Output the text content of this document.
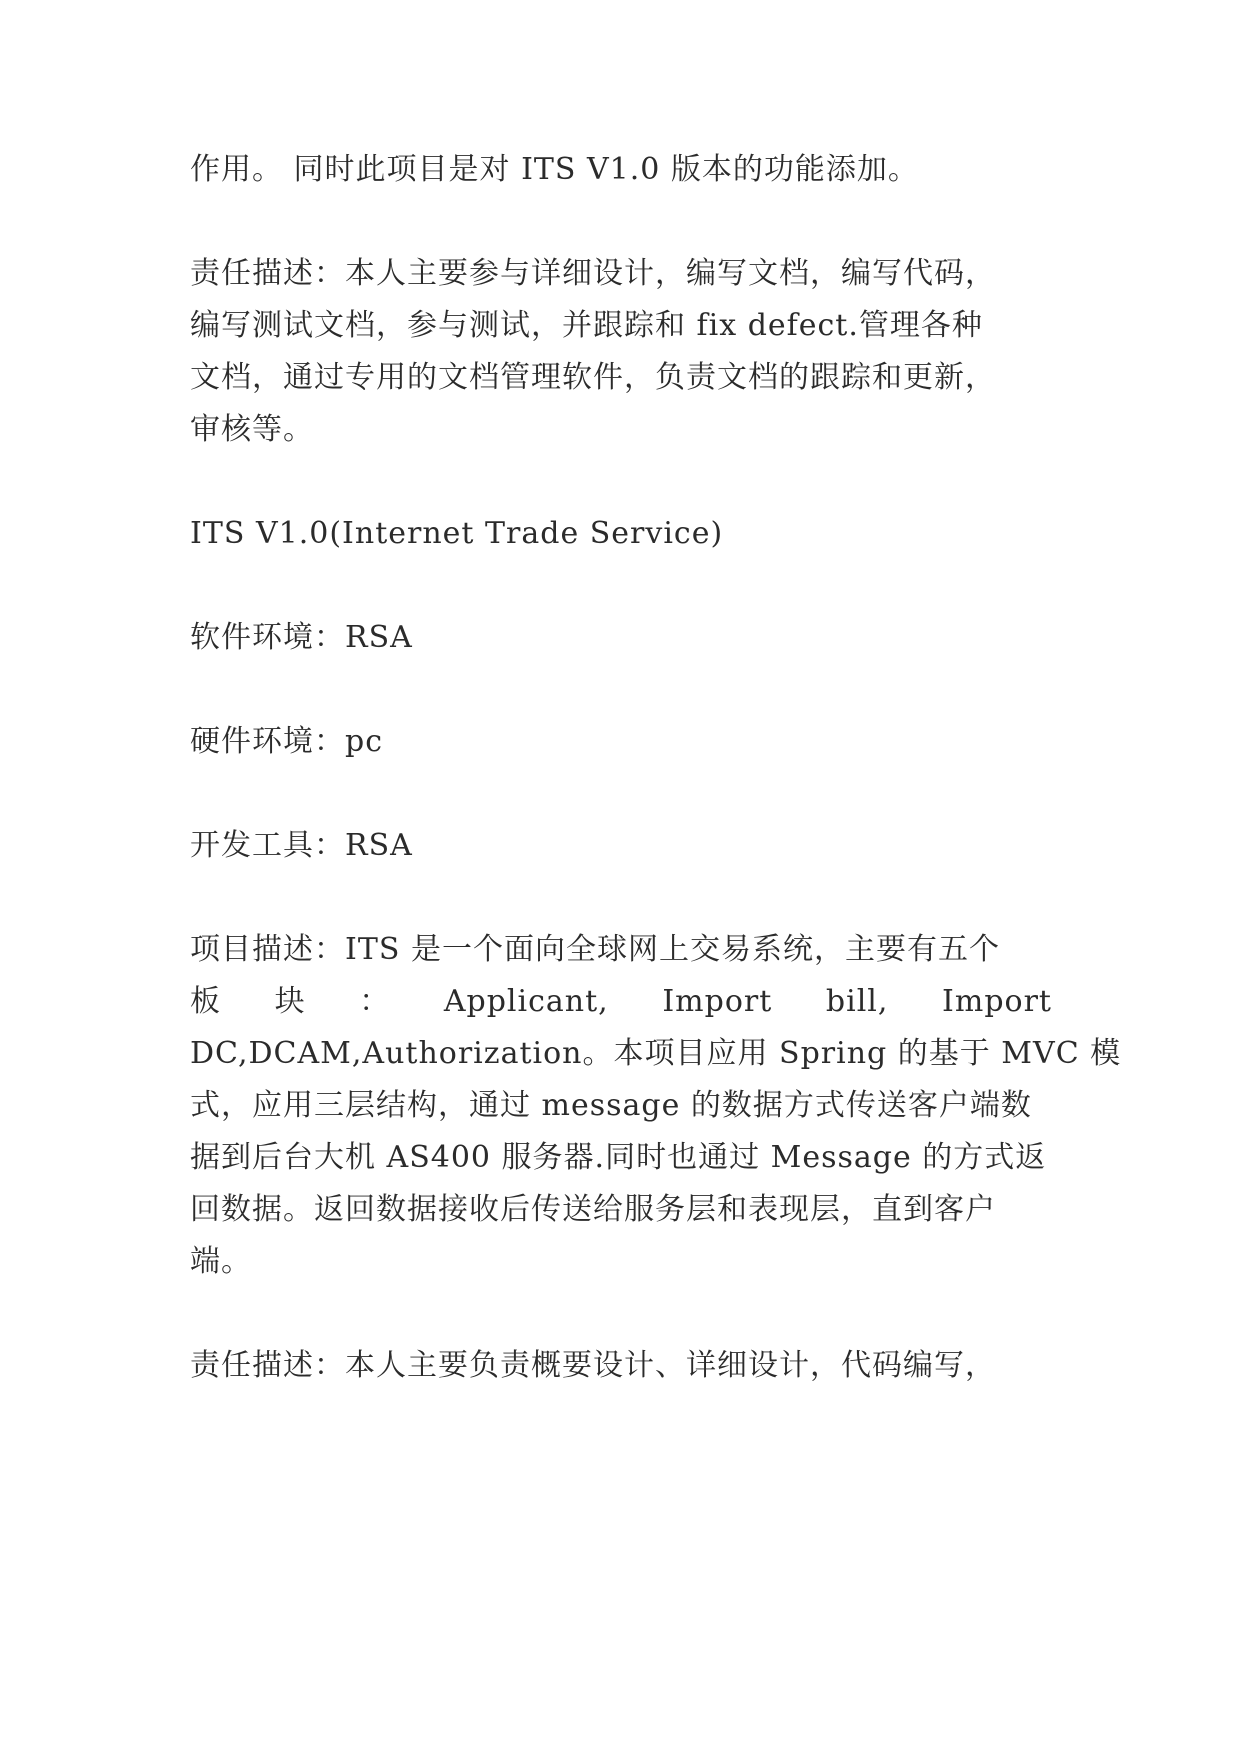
作用。 同时此项目是对 ITS V1.0 版本的功能添加。
责任描述：本人主要参与详细设计，编写文档，编写代码，
编写测试文档，参与测试，并跟踪和 fix defect.管理各种
文档，通过专用的文档管理软件，负责文档的跟踪和更新，
审核等。
ITS V1.0(Internet Trade Service)
软件环境：RSA
硬件环境：pc
开发工具：RSA
项目描述：ITS 是一个面向全球网上交易系统，主要有五个
板 块 ： Applicant, Import bill, Import
DC,DCAM,Authorization。本项目应用 Spring 的基于 MVC 模
式，应用三层结构，通过 message 的数据方式传送客户端数
据到后台大机 AS400 服务器.同时也通过 Message 的方式返
回数据。返回数据接收后传送给服务层和表现层，直到客户
端。
责任描述：本人主要负责概要设计、详细设计，代码编写，
